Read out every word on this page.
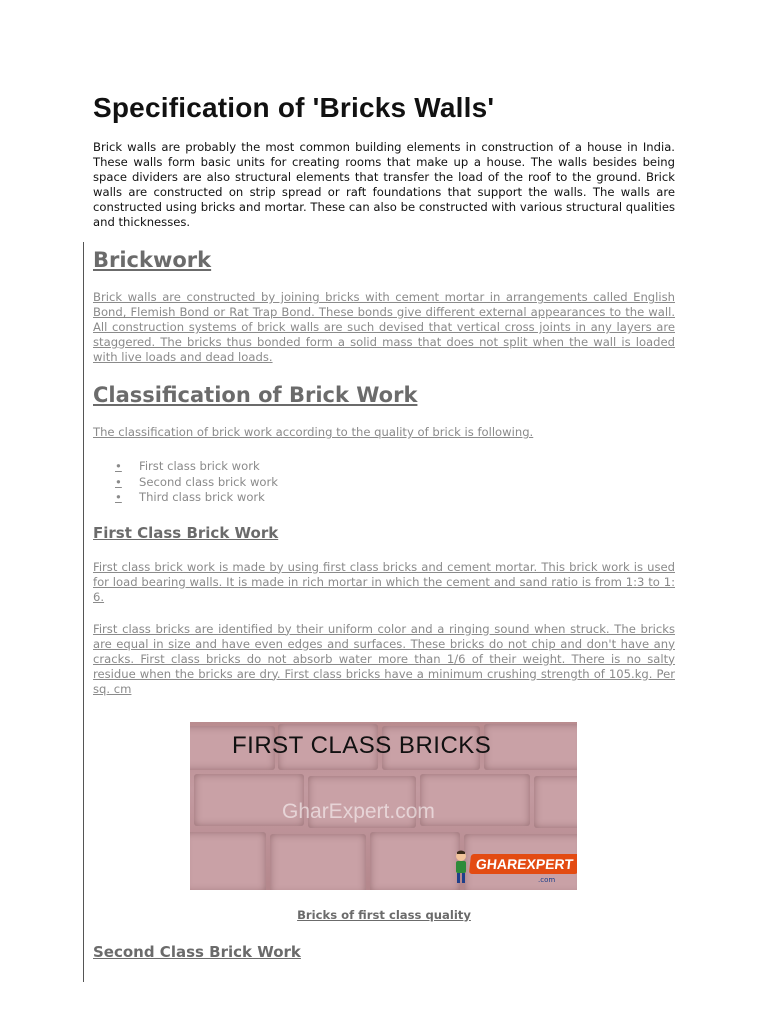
Specification of 'Bricks Walls'

Brick walls are probably the most common building elements in construction of a house in India. These walls form basic units for creating rooms that make up a house. The walls besides being space dividers are also structural elements that transfer the load of the roof to the ground. Brick walls are constructed on strip spread or raft foundations that support the walls. The walls are constructed using bricks and mortar. These can also be constructed with various structural qualities and thicknesses.

Brickwork

Brick walls are constructed by joining bricks with cement mortar in arrangements called English Bond, Flemish Bond or Rat Trap Bond. These bonds give different external appearances to the wall. All construction systems of brick walls are such devised that vertical cross joints in any layers are staggered. The bricks thus bonded form a solid mass that does not split when the wall is loaded with live loads and dead loads.

Classification of Brick Work

The classification of brick work according to the quality of brick is following.

• First class brick work
• Second class brick work
• Third class brick work
First Class Brick Work

First class brick work is made by using first class bricks and cement mortar. This brick work is used for load bearing walls. It is made in rich mortar in which the cement and sand ratio is from 1:3 to 1: 6.

First class bricks are identified by their uniform color and a ringing sound when struck. The bricks are equal in size and have even edges and surfaces. These bricks do not chip and don't have any cracks. First class bricks do not absorb water more than 1/6 of their weight. There is no salty residue when the bricks are dry. First class bricks have a minimum crushing strength of 105.kg. Per sq. cm

FIRST CLASS BRICKS
GharExpert.com
GHAREXPERT
.com
Bricks of first class quality
Second Class Brick Work
